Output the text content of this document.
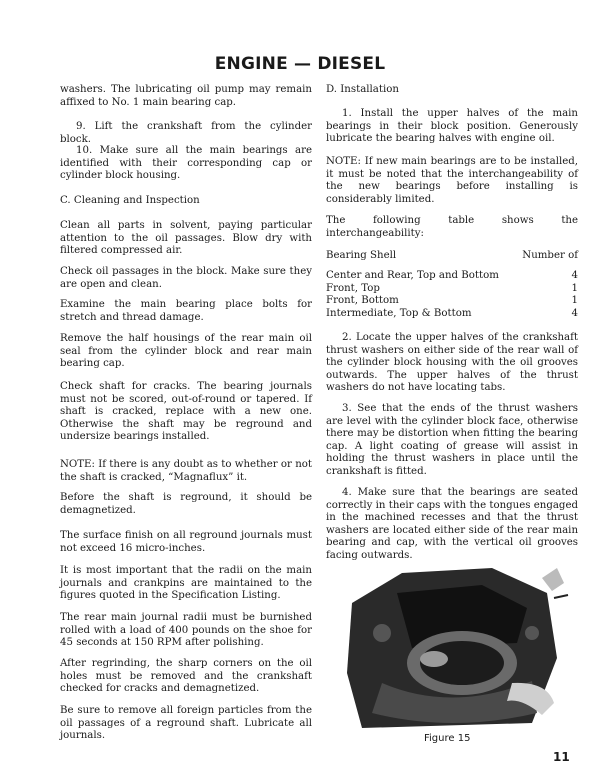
ENGINE — DIESEL

washers. The lubricating oil pump may remain affixed to No. 1 main bearing cap.

9. Lift the crankshaft from the cylinder block.

10. Make sure all the main bearings are identified with their corresponding cap or cylinder block housing.

C. Cleaning and Inspection

Clean all parts in solvent, paying particular attention to the oil passages. Blow dry with filtered compressed air.

Check oil passages in the block. Make sure they are open and clean.

Examine the main bearing place bolts for stretch and thread damage.

Remove the half housings of the rear main oil seal from the cylinder block and rear main bearing cap.

Check shaft for cracks. The bearing journals must not be scored, out-of-round or tapered. If shaft is cracked, replace with a new one. Otherwise the shaft may be reground and undersize bearings installed.

NOTE: If there is any doubt as to whether or not the shaft is cracked, “Magnaflux” it.

Before the shaft is reground, it should be demagnetized.

The surface finish on all reground journals must not exceed 16 micro-inches.

It is most important that the radii on the main journals and crankpins are maintained to the figures quoted in the Specification Listing.

The rear main journal radii must be burnished rolled with a load of 400 pounds on the shoe for 45 seconds at 150 RPM after polishing.

After regrinding, the sharp corners on the oil holes must be removed and the crankshaft checked for cracks and demagnetized.

Be sure to remove all foreign particles from the oil passages of a reground shaft. Lubricate all journals.

D. Installation

1. Install the upper halves of the main bearings in their block position. Generously lubricate the bearing halves with engine oil.

NOTE: If new main bearings are to be installed, it must be noted that the interchangeability of the new bearings before installing is considerably limited.

The following table shows the interchangeability:

Bearing Shell	Number of

Center and Rear, Top and Bottom	4
Front, Top	1
Front, Bottom	1
Intermediate, Top & Bottom	4

2. Locate the upper halves of the crankshaft thrust washers on either side of the rear wall of the cylinder block housing with the oil grooves outwards. The upper halves of the thrust washers do not have locating tabs.

3. See that the ends of the thrust washers are level with the cylinder block face, otherwise there may be distortion when fitting the bearing cap. A light coating of grease will assist in holding the thrust washers in place until the crankshaft is fitted.

4. Make sure that the bearings are seated correctly in their caps with the tongues engaged in the machined recesses and that the thrust washers are located either side of the rear main bearing and cap, with the vertical oil grooves facing outwards.

Figure 15
11
